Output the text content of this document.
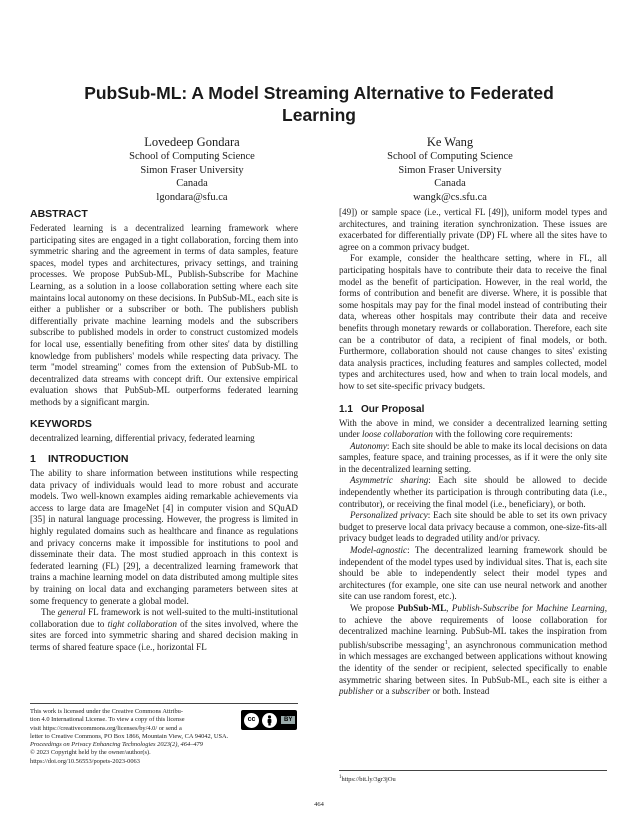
PubSub-ML: A Model Streaming Alternative to Federated Learning
Lovedeep Gondara
School of Computing Science
Simon Fraser University
Canada
lgondara@sfu.ca
Ke Wang
School of Computing Science
Simon Fraser University
Canada
wangk@cs.sfu.ca
ABSTRACT

Federated learning is a decentralized learning framework where participating sites are engaged in a tight collaboration, forcing them into symmetric sharing and the agreement in terms of data samples, feature spaces, model types and architectures, privacy settings, and training processes. We propose PubSub-ML, Publish-Subscribe for Machine Learning, as a solution in a loose collaboration setting where each site maintains local autonomy on these decisions. In PubSub-ML, each site is either a publisher or a subscriber or both. The publishers publish differentially private machine learning models and the subscribers subscribe to published models in order to construct customized models for local use, essentially benefiting from other sites' data by distilling knowledge from publishers' models while respecting data privacy. The term "model streaming" comes from the extension of PubSub-ML to decentralized data streams with concept drift. Our extensive empirical evaluation shows that PubSub-ML outperforms federated learning methods by a significant margin.

KEYWORDS

decentralized learning, differential privacy, federated learning

1 INTRODUCTION

The ability to share information between institutions while respecting data privacy of individuals would lead to more robust and accurate models. Two well-known examples aiding remarkable achievements via access to large data are ImageNet [4] in computer vision and SQuAD [35] in natural language processing. However, the progress is limited in highly regulated domains such as healthcare and finance as regulations and privacy concerns make it impossible for institutions to pool and disseminate their data. The most studied approach in this context is federated learning (FL) [29], a decentralized learning framework that trains a machine learning model on data distributed among multiple sites by training on local data and exchanging parameters between sites at some frequency to generate a global model.

The general FL framework is not well-suited to the multi-institutional collaboration due to tight collaboration of the sites involved, where the sites are forced into symmetric sharing and shared decision making in terms of shared feature space (i.e., horizontal FL

This work is licensed under the Creative Commons Attribu-
tion 4.0 International License. To view a copy of this license
visit https://creativecommons.org/licenses/by/4.0/ or send a
letter to Creative Commons, PO Box 1866, Mountain View, CA 94042, USA.
Proceedings on Privacy Enhancing Technologies 2023(2), 464–479
© 2023 Copyright held by the owner/author(s).
https://doi.org/10.56553/popets-2023-0063
cc	BY

[49]) or sample space (i.e., vertical FL [49]), uniform model types and architectures, and training iteration synchronization. These issues are exacerbated for differentially private (DP) FL where all the sites have to agree on a common privacy budget.

For example, consider the healthcare setting, where in FL, all participating hospitals have to contribute their data to receive the final model as the benefit of participation. However, in the real world, the forms of contribution and benefit are diverse. Where, it is possible that some hospitals may pay for the final model instead of contributing their data, whereas other hospitals may contribute their data and receive benefits through monetary rewards or collaboration. Therefore, each site can be a contributor of data, a recipient of final models, or both. Furthermore, collaboration should not cause changes to sites' existing data analysis practices, including features and samples collected, model types and architectures used, how and when to train local models, and how to set site-specific privacy budgets.

1.1 Our Proposal

With the above in mind, we consider a decentralized learning setting under loose collaboration with the following core requirements:

Autonomy: Each site should be able to make its local decisions on data samples, feature space, and training processes, as if it were the only site in the decentralized learning setting.

Asymmetric sharing: Each site should be allowed to decide independently whether its participation is through contributing data (i.e., contributor), or receiving the final model (i.e., beneficiary), or both.

Personalized privacy: Each site should be able to set its own privacy budget to preserve local data privacy because a common, one-size-fits-all privacy budget leads to degraded utility and/or privacy.

Model-agnostic: The decentralized learning framework should be independent of the model types used by individual sites. That is, each site should be able to independently select their model types and architectures (for example, one site can use neural network and another site can use random forest, etc.).

We propose PubSub-ML, Publish-Subscribe for Machine Learning, to achieve the above requirements of loose collaboration for decentralized machine learning. PubSub-ML takes the inspiration from publish/subscribe messaging$^1$, an asynchronous communication method in which messages are exchanged between applications without knowing the identity of the sender or recipient, selected specifically to enable asymmetric sharing between sites. In PubSub-ML, each site is either a publisher or a subscriber or both. Instead

$^1$https://bit.ly/3gr3jOu
464
